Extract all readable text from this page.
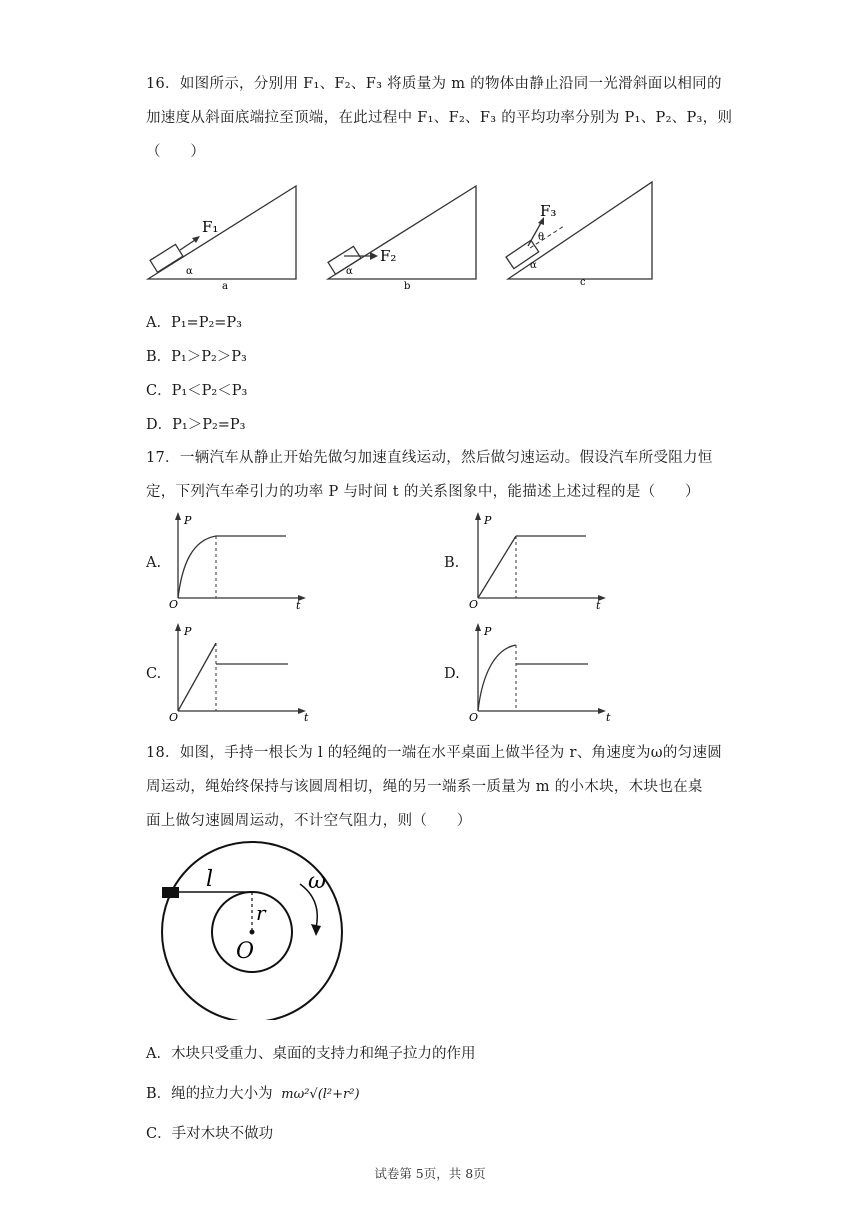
16．如图所示，分别用 F₁、F₂、F₃ 将质量为 m 的物体由静止沿同一光滑斜面以相同的
加速度从斜面底端拉至顶端，在此过程中 F₁、F₂、F₃ 的平均功率分别为 P₁、P₂、P₃，则
（　　）
F₁
α
a
F₂
α
b
F₃
θ
α
c
A．P₁=P₂=P₃
B．P₁＞P₂＞P₃
C．P₁＜P₂＜P₃
D．P₁＞P₂=P₃
17．一辆汽车从静止开始先做匀加速直线运动，然后做匀速运动。假设汽车所受阻力恒
定，下列汽车牵引力的功率 P 与时间 t 的关系图象中，能描述上述过程的是（　　）
A.
P
t
O
B.
P
t
O
C.
P
t
O
D.
P
t
O
18．如图，手持一根长为 l 的轻绳的一端在水平桌面上做半径为 r、角速度为ω的匀速圆
周运动，绳始终保持与该圆周相切，绳的另一端系一质量为 m 的小木块，木块也在桌
面上做匀速圆周运动，不计空气阻力，则（　　）
l
r
ω
O
A．木块只受重力、桌面的支持力和绳子拉力的作用
B．绳的拉力大小为 mω²√(l²+r²)
C．手对木块不做功
试卷第 5页，共 8页
